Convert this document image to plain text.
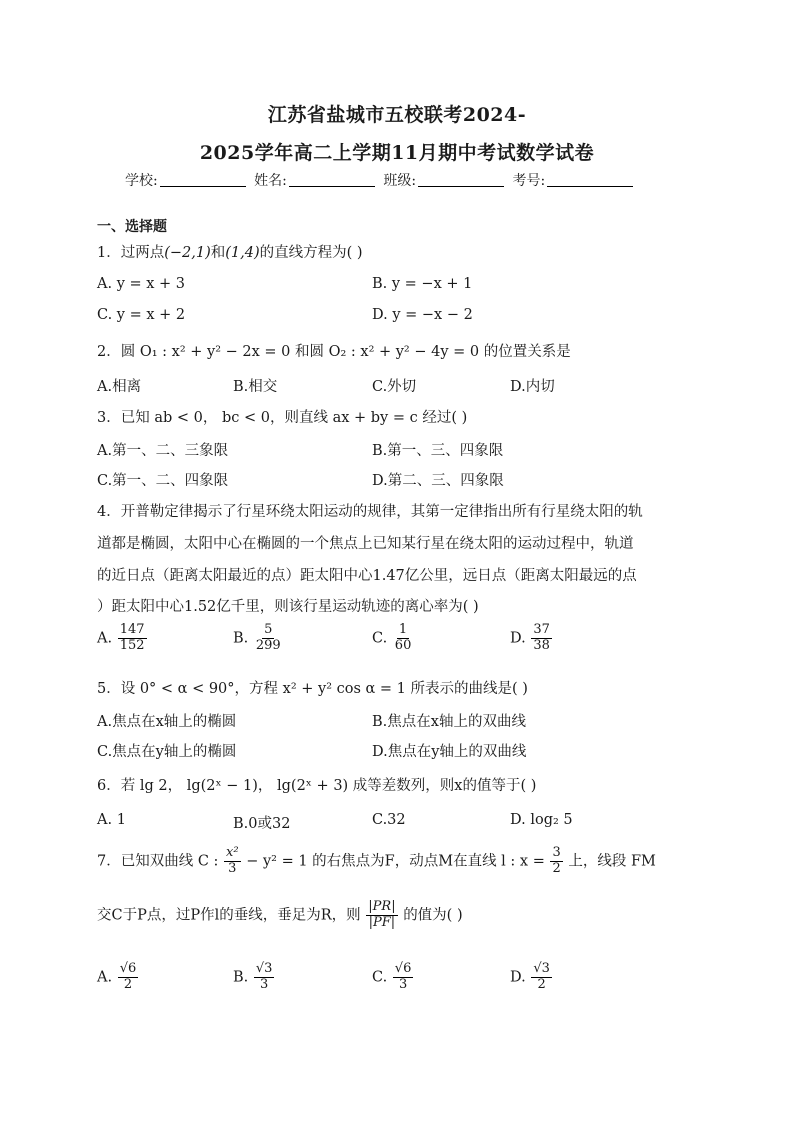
江苏省盐城市五校联考2024-
2025学年高二上学期11月期中考试数学试卷
学校:	姓名:	班级:	考号:
一、选择题
1．过两点(−2,1)和(1,4)的直线方程为( )
A. y = x + 3	B. y = −x + 1
C. y = x + 2	D. y = −x − 2
2．圆 O₁ : x² + y² − 2x = 0 和圆 O₂ : x² + y² − 4y = 0 的位置关系是
A.相离	B.相交	C.外切	D.内切
3．已知 ab < 0， bc < 0，则直线 ax + by = c 经过( )
A.第一、二、三象限	B.第一、三、四象限
C.第一、二、四象限	D.第二、三、四象限
4．开普勒定律揭示了行星环绕太阳运动的规律，其第一定律指出所有行星绕太阳的轨
道都是椭圆，太阳中心在椭圆的一个焦点上已知某行星在绕太阳的运动过程中，轨道
的近日点（距离太阳最近的点）距太阳中心1.47亿公里，远日点（距离太阳最远的点
）距太阳中心1.52亿千里，则该行星运动轨迹的离心率为( )
A. $\frac{147}{152}$	B. $\frac{5}{299}$	C. $\frac{1}{60}$	D. $\frac{37}{38}$
5．设 0° < α < 90°，方程 x² + y² cos α = 1 所表示的曲线是( )
A.焦点在x轴上的椭圆	B.焦点在x轴上的双曲线
C.焦点在y轴上的椭圆	D.焦点在y轴上的双曲线
6．若 lg 2， lg(2ˣ − 1)， lg(2ˣ + 3) 成等差数列，则x的值等于( )
A. 1	B.0或32	C.32	D. log₂ 5
7．已知双曲线 C : $\frac{\text{x²}}{3} - y^2 = 1$ 的右焦点为F，动点M在直线 l : $x = \frac{3}{2}$ 上，线段 FM
交C于P点，过P作l的垂线，垂足为R，则 $\frac{|PR|}{|PF|}$ 的值为( )
A. $\frac{√6}{2}$	B. $\frac{√3}{3}$	C. $\frac{√6}{3}$	D. $\frac{√3}{2}$
